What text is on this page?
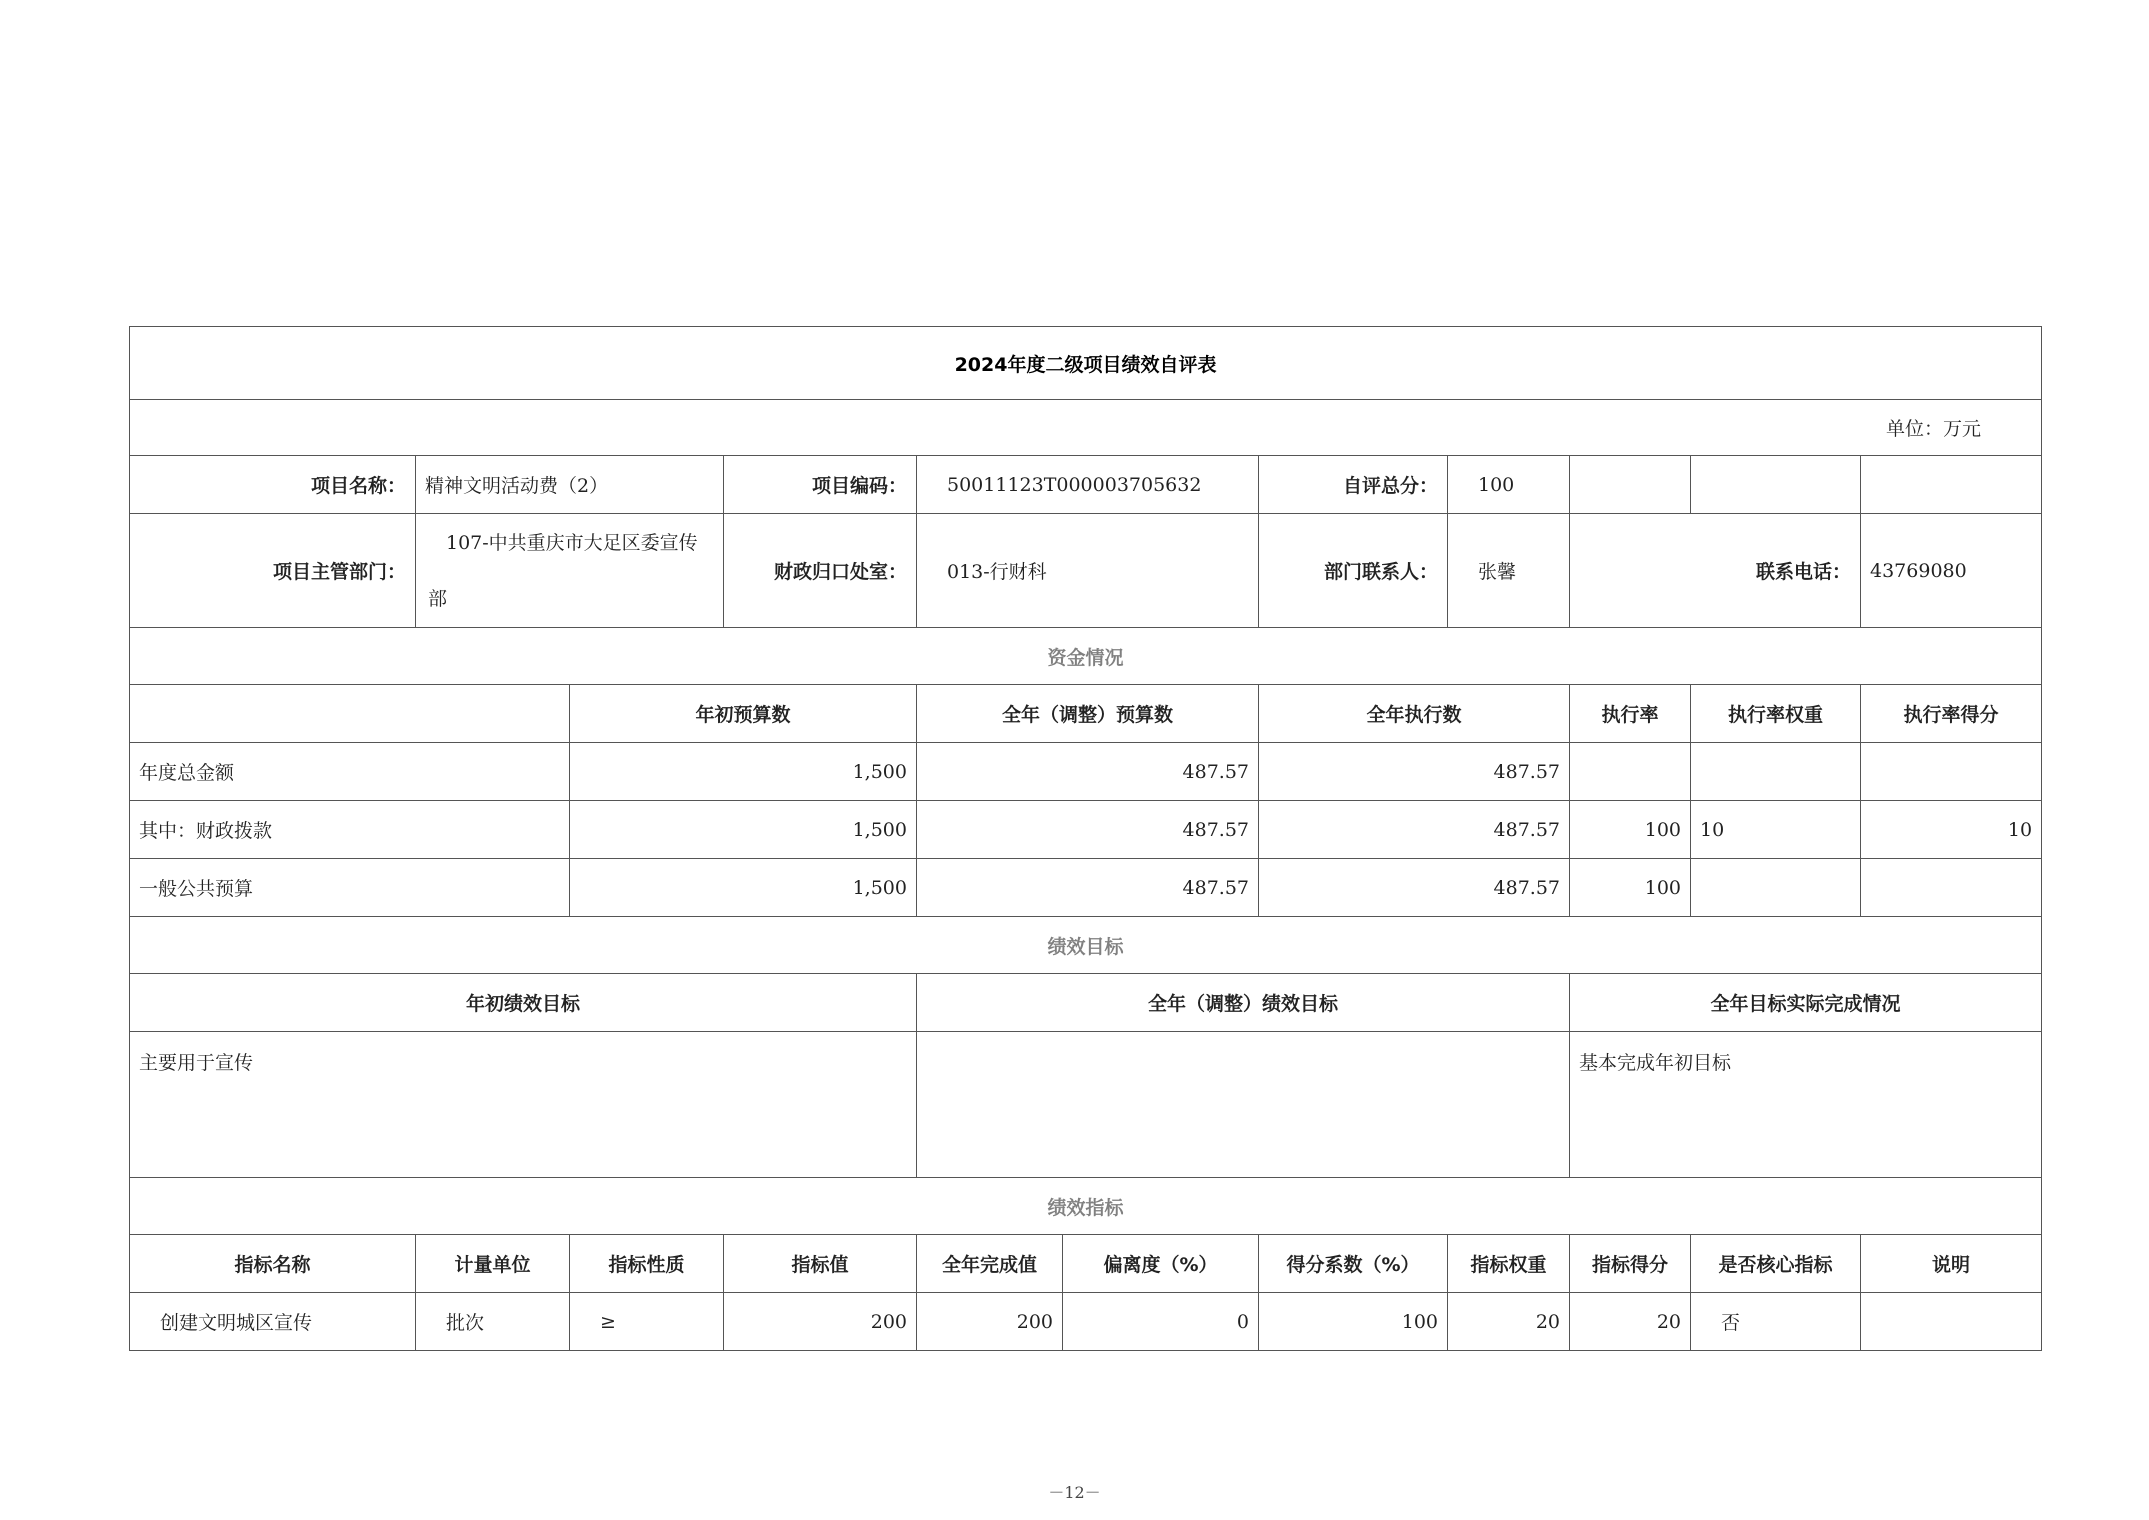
2024年度二级项目绩效自评表										
单位：万元										
项目名称：	精神文明活动费（2）		项目编码：	50011123T000003705632		自评总分：	100			
项目主管部门：	107-中共重庆市大足区委宣传部		财政归口处室：	013-行财科		部门联系人：	张馨	联系电话：		43769080
资金情况										
		年初预算数		全年（调整）预算数		全年执行数		执行率	执行率权重	执行率得分
年度总金额		1,500		487.57		487.57				
其中：财政拨款		1,500		487.57		487.57		100	10	10
一般公共预算		1,500		487.57		487.57		100		
绩效目标										
年初绩效目标				全年（调整）绩效目标				全年目标实际完成情况		
主要用于宣传								基本完成年初目标		
绩效指标										
指标名称	计量单位	指标性质	指标值	全年完成值	偏离度（%）	得分系数（%）	指标权重	指标得分	是否核心指标	说明
创建文明城区宣传	批次	≥	200	200	0	100	20	20	否	
－12－
